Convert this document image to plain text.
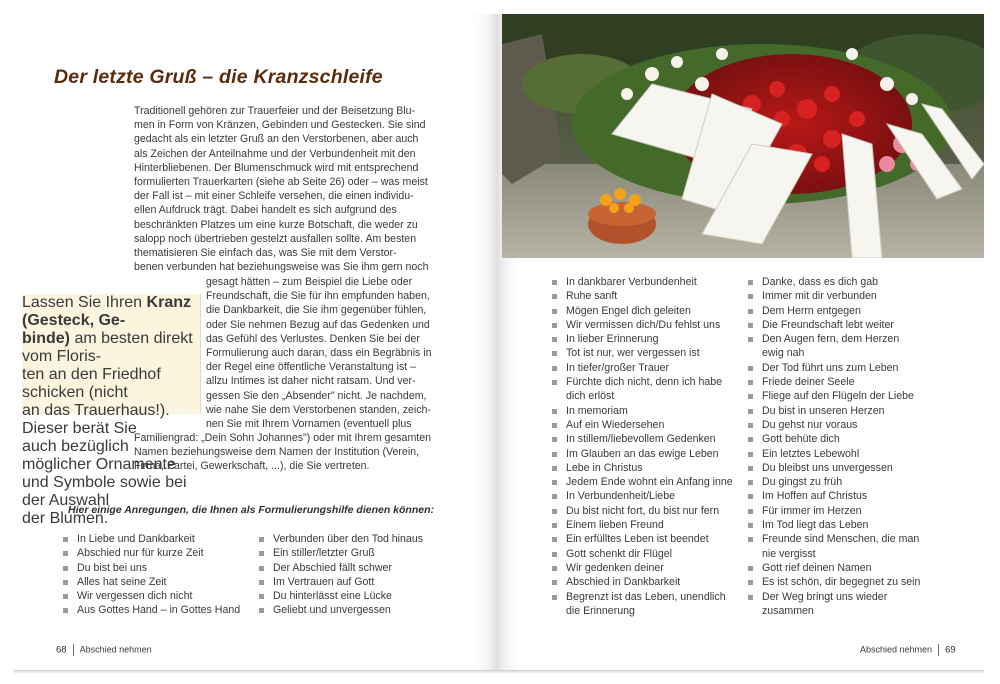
Der letzte Gruß – die Kranzschleife
Traditionell gehören zur Trauerfeier und der Beisetzung Blu-
men in Form von Kränzen, Gebinden und Gestecken. Sie sind
gedacht als ein letzter Gruß an den Verstorbenen, aber auch
als Zeichen der Anteilnahme und der Verbundenheit mit den
Hinterbliebenen. Der Blumenschmuck wird mit entsprechend
formulierten Trauerkarten (siehe ab Seite 26) oder – was meist
der Fall ist – mit einer Schleife versehen, die einen individu-
ellen Aufdruck trägt. Dabei handelt es sich aufgrund des
beschränkten Platzes um eine kurze Botschaft, die weder zu
salopp noch übertrieben gestelzt ausfallen sollte. Am besten
thematisieren Sie einfach das, was Sie mit dem Verstor-
benen verbunden hat beziehungsweise was Sie ihm gern noch
gesagt hätten – zum Beispiel die Liebe oder
Freundschaft, die Sie für ihn empfunden haben,
die Dankbarkeit, die Sie ihm gegenüber fühlen,
oder Sie nehmen Bezug auf das Gedenken und
das Gefühl des Verlustes. Denken Sie bei der
Formulierung auch daran, dass ein Begräbnis in
der Regel eine öffentliche Veranstaltung ist –
allzu Intimes ist daher nicht ratsam. Und ver-
gessen Sie den „Absender" nicht. Je nachdem,
wie nahe Sie dem Verstorbenen standen, zeich-
nen Sie mit Ihrem Vornamen (eventuell plus
Familiengrad: „Dein Sohn Johannes") oder mit Ihrem gesamten
Namen beziehungsweise dem Namen der Institution (Verein,
Firma, Partei, Gewerkschaft, ...), die Sie vertreten.

Lassen Sie Ihren Kranz (Gesteck, Ge-
binde) am besten direkt vom Floris-
ten an den Friedhof schicken (nicht
an das Trauerhaus!). Dieser berät Sie
auch bezüglich möglicher Ornamente
und Symbole sowie bei der Auswahl
der Blumen.

Hier einige Anregungen, die Ihnen als Formulierungshilfe dienen können:
In Liebe und Dankbarkeit
Abschied nur für kurze Zeit
Du bist bei uns
Alles hat seine Zeit
Wir vergessen dich nicht
Aus Gottes Hand – in Gottes Hand
Verbunden über den Tod hinaus
Ein stiller/letzter Gruß
Der Abschied fällt schwer
Im Vertrauen auf Gott
Du hinterlässt eine Lücke
Geliebt und unvergessen
68 Abschied nehmen
In dankbarer Verbundenheit
Ruhe sanft
Mögen Engel dich geleiten
Wir vermissen dich/Du fehlst uns
In lieber Erinnerung
Tot ist nur, wer vergessen ist
In tiefer/großer Trauer
Fürchte dich nicht, denn ich habe
dich erlöst
In memoriam
Auf ein Wiedersehen
In stillem/liebevollem Gedenken
Im Glauben an das ewige Leben
Lebe in Christus
Jedem Ende wohnt ein Anfang inne
In Verbundenheit/Liebe
Du bist nicht fort, du bist nur fern
Einem lieben Freund
Ein erfülltes Leben ist beendet
Gott schenkt dir Flügel
Wir gedenken deiner
Abschied in Dankbarkeit
Begrenzt ist das Leben, unendlich
die Erinnerung
Danke, dass es dich gab
Immer mit dir verbunden
Dem Herrn entgegen
Die Freundschaft lebt weiter
Den Augen fern, dem Herzen
ewig nah
Der Tod führt uns zum Leben
Friede deiner Seele
Fliege auf den Flügeln der Liebe
Du bist in unseren Herzen
Du gehst nur voraus
Gott behüte dich
Ein letztes Lebewohl
Du bleibst uns unvergessen
Du gingst zu früh
Im Hoffen auf Christus
Für immer im Herzen
Im Tod liegt das Leben
Freunde sind Menschen, die man
nie vergisst
Gott rief deinen Namen
Es ist schön, dir begegnet zu sein
Der Weg bringt uns wieder
zusammen
Abschied nehmen 69
